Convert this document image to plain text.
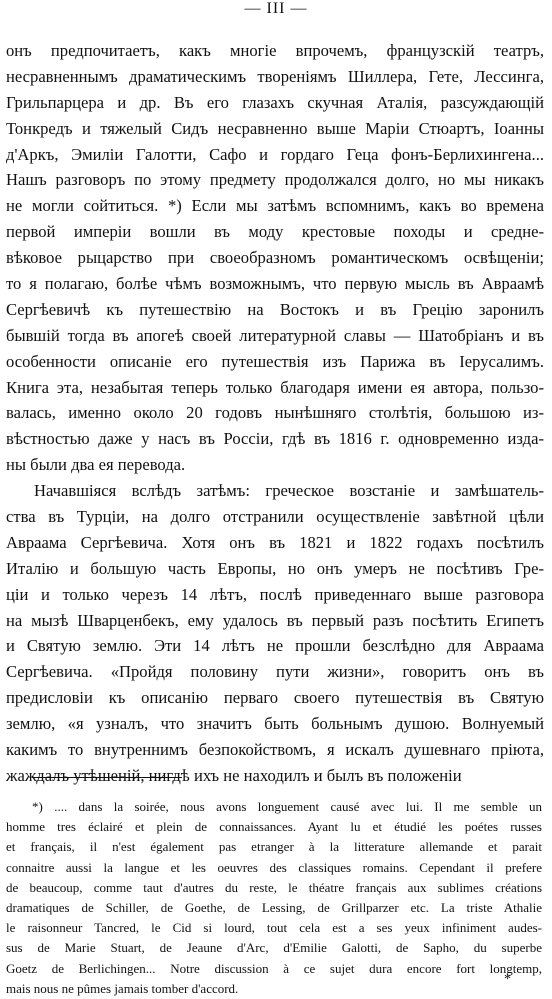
— III —
онъ предпочитаетъ, какъ многіе впрочемъ, французскій театръ,
несравненнымъ драматическимъ твореніямъ Шиллера, Гете, Лессинга,
Грильпарцера и др. Въ его глазахъ скучная Аталія, разсуждающій
Тонкредъ и тяжелый Сидъ несравненно выше Маріи Стюартъ, Іоанны
д'Аркъ, Эмиліи Галотти, Сафо и гордаго Геца фонъ-Берлихингена...
Нашъ разговоръ по этому предмету продолжался долго, но мы никакъ
не могли сойтиться. *) Если мы затѣмъ вспомнимъ, какъ во времена
первой имперіи вошли въ моду крестовые походы и средне-
вѣковое рыцарство при своеобразномъ романтическомъ освѣщеніи;
то я полагаю, болѣе чѣмъ возможнымъ, что первую мысль въ Авраамѣ
Сергѣевичѣ къ путешествію на Востокъ и въ Грецію заронилъ
бывшій тогда въ апогеѣ своей литературной славы — Шатобріанъ и въ
особенности описаніе его путешествія изъ Парижа въ Іерусалимъ.
Книга эта, незабытая теперь только благодаря имени ея автора, пользо-
валась, именно около 20 годовъ нынѣшняго столѣтія, большою из-
вѣстностью даже у насъ въ Россіи, гдѣ въ 1816 г. одновременно изда-
ны были два ея перевода.
Начавшіяся вслѣдъ затѣмъ: греческое возстаніе и замѣшатель-
ства въ Турціи, на долго отстранили осуществленіе завѣтной цѣли
Авраама Сергѣевича. Хотя онъ въ 1821 и 1822 годахъ посѣтилъ
Италію и большую часть Европы, но онъ умеръ не посѣтивъ Гре-
ціи и только черезъ 14 лѣтъ, послѣ приведеннаго выше разговора
на мызѣ Шварценбекъ, ему удалось въ первый разъ посѣтить Египетъ
и Святую землю. Эти 14 лѣтъ не прошли безслѣдно для Авраама
Сергѣевича. «Пройдя половину пути жизни», говоритъ онъ въ
предисловіи къ описанію перваго своего путешествія въ Святую
землю, «я узналъ, что значитъ быть больнымъ душою. Волнуемый
какимъ то внутреннимъ безпокойствомъ, я искалъ душевнаго пріюта,
жаждалъ утѣшеній, нигдѣ ихъ не находилъ и былъ въ положеніи
*) .... dans la soirée, nous avons longuement causé avec lui. Il me semble un
homme tres éclairé et plein de connaissances. Ayant lu et étudié les poétes russes
et français, il n'est également pas etranger à la litterature allemande et parait
connaitre aussi la langue et les oeuvres des classiques romains. Cependant il prefere
de beaucoup, comme taut d'autres du reste, le théatre français aux sublimes créations
dramatiques de Schiller, de Goethe, de Lessing, de Grillparzer etc. La triste Athalie
le raisonneur Tancred, le Cid si lourd, tout cela est a ses yeux infiniment audes-
sus de Marie Stuart, de Jeaune d'Arc, d'Emilie Galotti, de Sapho, du superbe
Goetz de Berlichingen... Notre discussion à ce sujet dura encore fort longtemp,
mais nous ne pûmes jamais tomber d'accord.
*
